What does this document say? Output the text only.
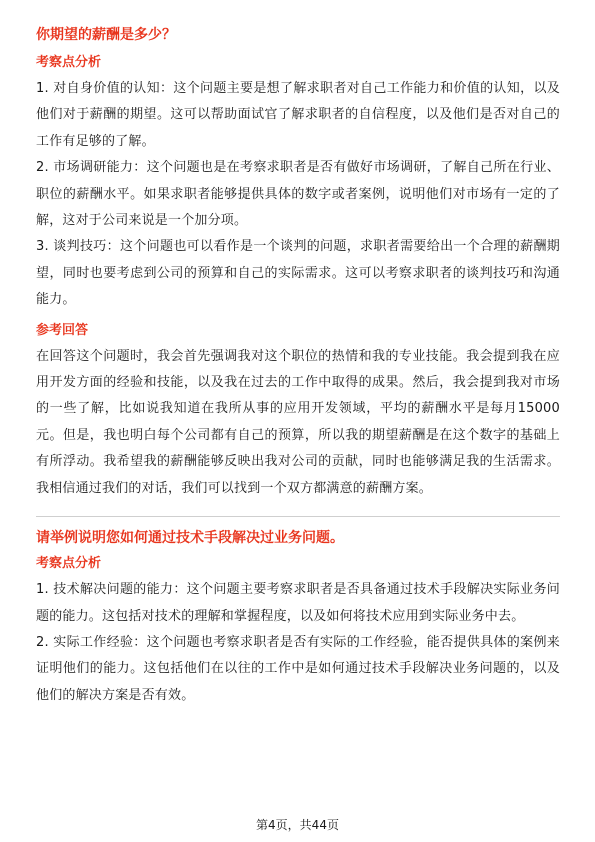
你期望的薪酬是多少？

考察点分析

1. 对自身价值的认知：这个问题主要是想了解求职者对自己工作能力和价值的认知，以及他们对于薪酬的期望。这可以帮助面试官了解求职者的自信程度，以及他们是否对自己的工作有足够的了解。

2. 市场调研能力：这个问题也是在考察求职者是否有做好市场调研，了解自己所在行业、职位的薪酬水平。如果求职者能够提供具体的数字或者案例，说明他们对市场有一定的了解，这对于公司来说是一个加分项。

3. 谈判技巧：这个问题也可以看作是一个谈判的问题，求职者需要给出一个合理的薪酬期望，同时也要考虑到公司的预算和自己的实际需求。这可以考察求职者的谈判技巧和沟通能力。

参考回答

在回答这个问题时，我会首先强调我对这个职位的热情和我的专业技能。我会提到我在应用开发方面的经验和技能，以及我在过去的工作中取得的成果。然后，我会提到我对市场的一些了解，比如说我知道在我所从事的应用开发领域，平均的薪酬水平是每月15000元。但是，我也明白每个公司都有自己的预算，所以我的期望薪酬是在这个数字的基础上有所浮动。我希望我的薪酬能够反映出我对公司的贡献，同时也能够满足我的生活需求。我相信通过我们的对话，我们可以找到一个双方都满意的薪酬方案。

请举例说明您如何通过技术手段解决过业务问题。

考察点分析

1. 技术解决问题的能力：这个问题主要考察求职者是否具备通过技术手段解决实际业务问题的能力。这包括对技术的理解和掌握程度，以及如何将技术应用到实际业务中去。

2. 实际工作经验：这个问题也考察求职者是否有实际的工作经验，能否提供具体的案例来证明他们的能力。这包括他们在以往的工作中是如何通过技术手段解决业务问题的，以及他们的解决方案是否有效。

第4页，共44页
